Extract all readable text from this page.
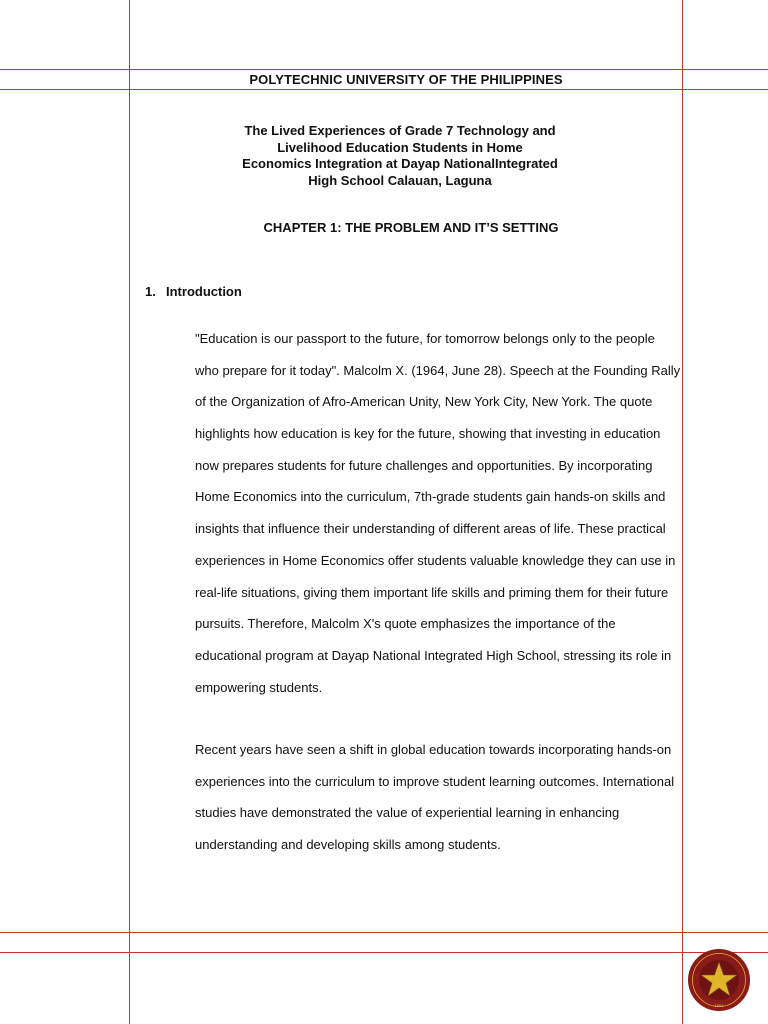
POLYTECHNIC UNIVERSITY OF THE PHILIPPINES
The Lived Experiences of Grade 7 Technology and
Livelihood Education Students in Home
Economics Integration at Dayap NationalIntegrated
High School Calauan, Laguna
CHAPTER 1: THE PROBLEM AND IT’S SETTING
1. Introduction
"Education is our passport to the future, for tomorrow belongs only to the people
who prepare for it today". Malcolm X. (1964, June 28). Speech at the Founding Rally
of the Organization of Afro-American Unity, New York City, New York. The quote
highlights how education is key for the future, showing that investing in education
now prepares students for future challenges and opportunities. By incorporating
Home Economics into the curriculum, 7th-grade students gain hands-on skills and
insights that influence their understanding of different areas of life. These practical
experiences in Home Economics offer students valuable knowledge they can use in
real-life situations, giving them important life skills and priming them for their future
pursuits. Therefore, Malcolm X's quote emphasizes the importance of the
educational program at Dayap National Integrated High School, stressing its role in
empowering students.
Recent years have seen a shift in global education towards incorporating hands-on
experiences into the curriculum to improve student learning outcomes. International
studies have demonstrated the value of experiential learning in enhancing
understanding and developing skills among students.
1904
